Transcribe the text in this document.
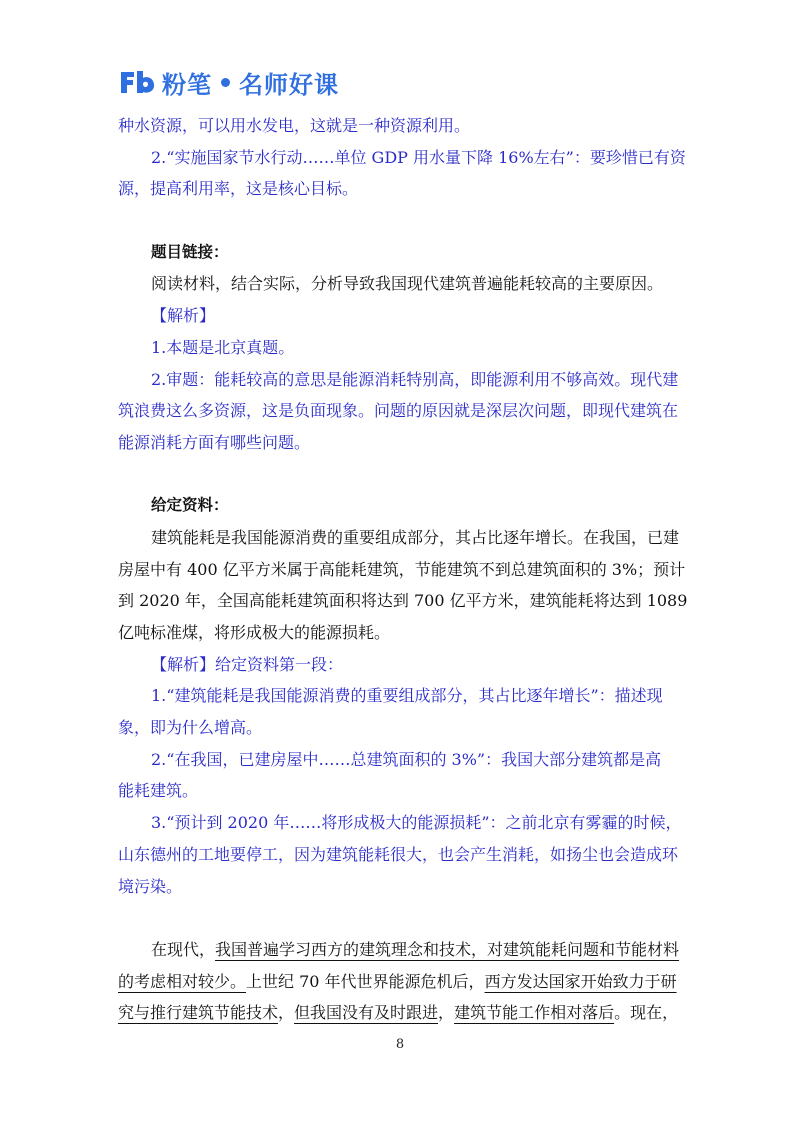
粉笔 名师好课
种水资源，可以用水发电，这就是一种资源利用。
2.“实施国家节水行动……单位 GDP 用水量下降 16%左右”：要珍惜已有资
源，提高利用率，这是核心目标。
题目链接：
阅读材料，结合实际，分析导致我国现代建筑普遍能耗较高的主要原因。
【解析】
1.本题是北京真题。
2.审题：能耗较高的意思是能源消耗特别高，即能源利用不够高效。现代建
筑浪费这么多资源，这是负面现象。问题的原因就是深层次问题，即现代建筑在
能源消耗方面有哪些问题。
给定资料：
建筑能耗是我国能源消费的重要组成部分，其占比逐年增长。在我国，已建
房屋中有 400 亿平方米属于高能耗建筑，节能建筑不到总建筑面积的 3%；预计
到 2020 年，全国高能耗建筑面积将达到 700 亿平方米，建筑能耗将达到 1089
亿吨标准煤，将形成极大的能源损耗。
【解析】给定资料第一段：
1.“建筑能耗是我国能源消费的重要组成部分，其占比逐年增长”：描述现
象，即为什么增高。
2.“在我国，已建房屋中……总建筑面积的 3%”：我国大部分建筑都是高
能耗建筑。
3.“预计到 2020 年……将形成极大的能源损耗”：之前北京有雾霾的时候，
山东德州的工地要停工，因为建筑能耗很大，也会产生消耗，如扬尘也会造成环
境污染。
在现代，我国普遍学习西方的建筑理念和技术，对建筑能耗问题和节能材料
的考虑相对较少。上世纪 70 年代世界能源危机后，西方发达国家开始致力于研
究与推行建筑节能技术，但我国没有及时跟进，建筑节能工作相对落后。现在，
8
